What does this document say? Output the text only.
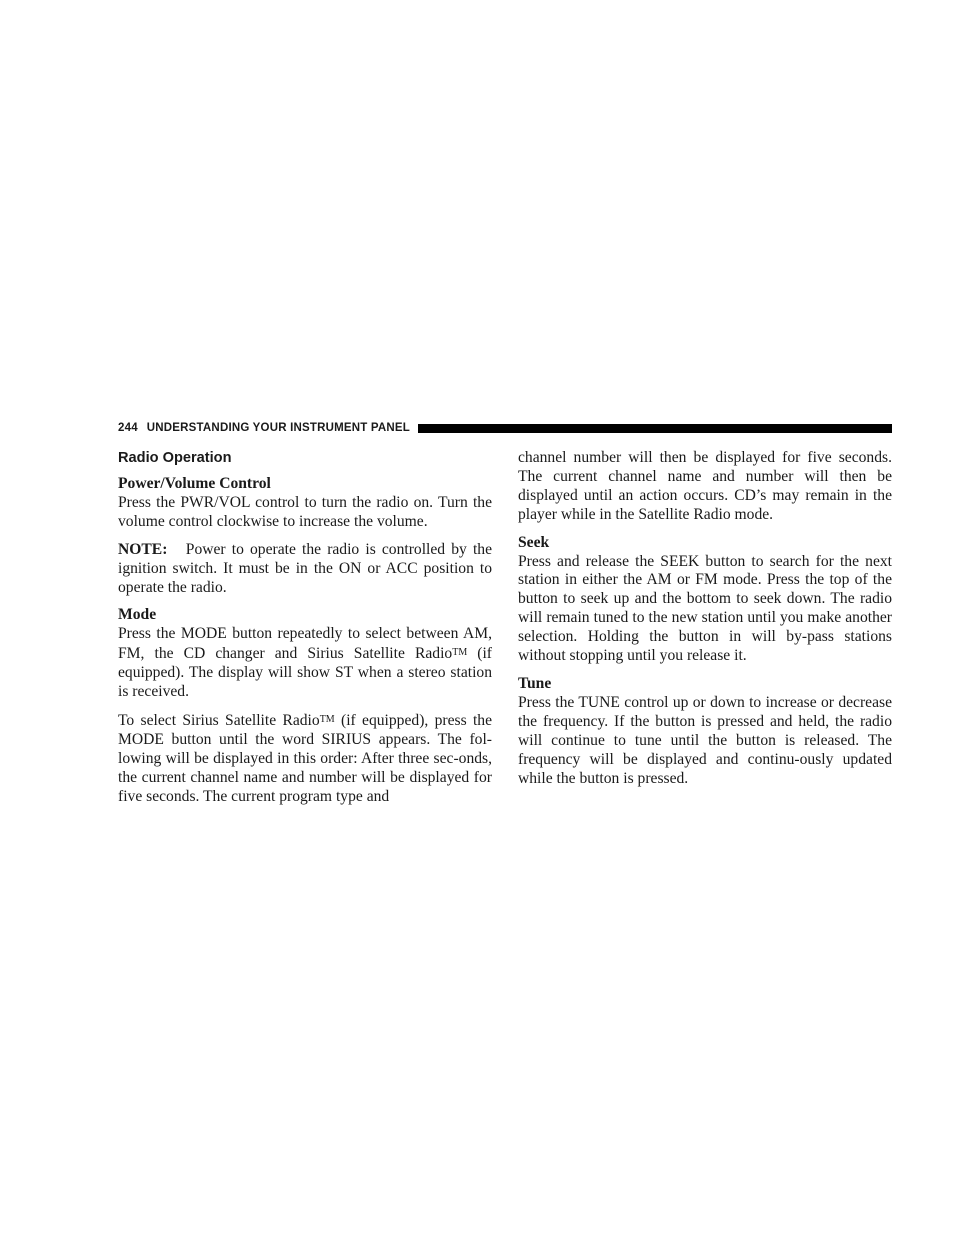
244 UNDERSTANDING YOUR INSTRUMENT PANEL
Radio Operation
Power/Volume Control

Press the PWR/VOL control to turn the radio on. Turn the volume control clockwise to increase the volume.

NOTE: Power to operate the radio is controlled by the ignition switch. It must be in the ON or ACC position to operate the radio.

Mode

Press the MODE button repeatedly to select between AM, FM, the CD changer and Sirius Satellite RadioTM (if equipped). The display will show ST when a stereo station is received.

To select Sirius Satellite RadioTM (if equipped), press the MODE button until the word SIRIUS appears. The fol-lowing will be displayed in this order: After three sec-onds, the current channel name and number will be displayed for five seconds. The current program type and

channel number will then be displayed for five seconds. The current channel name and number will then be displayed until an action occurs. CD’s may remain in the player while in the Satellite Radio mode.

Seek

Press and release the SEEK button to search for the next station in either the AM or FM mode. Press the top of the button to seek up and the bottom to seek down. The radio will remain tuned to the new station until you make another selection. Holding the button in will by-pass stations without stopping until you release it.

Tune

Press the TUNE control up or down to increase or decrease the frequency. If the button is pressed and held, the radio will continue to tune until the button is released. The frequency will be displayed and continu-ously updated while the button is pressed.
